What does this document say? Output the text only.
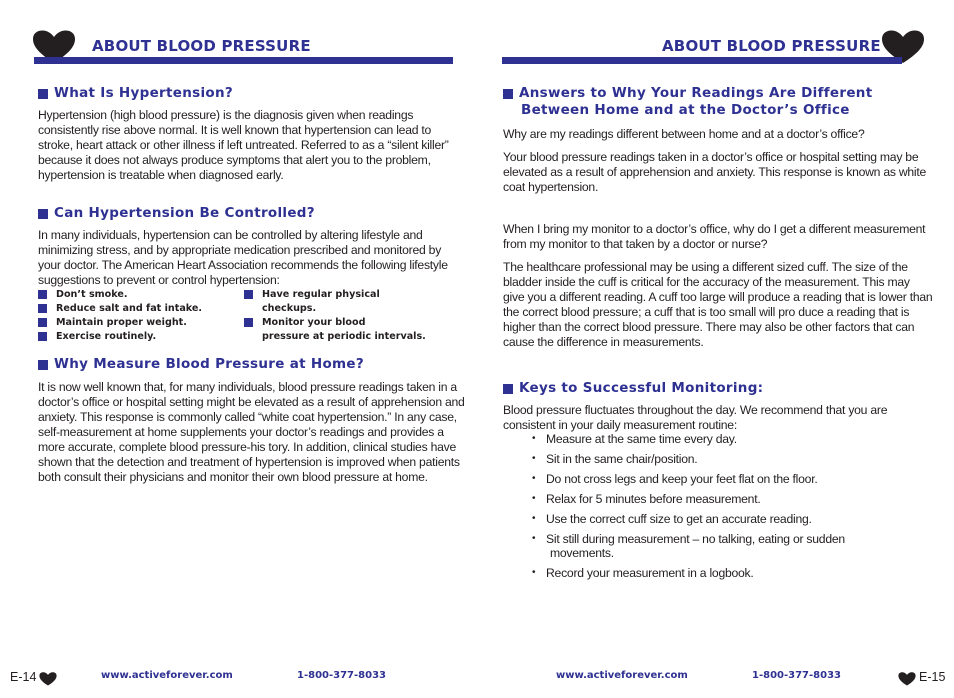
ABOUT BLOOD PRESSURE
What Is Hypertension?

Hypertension (high blood pressure) is the diagnosis given when readings consistently rise above normal. It is well known that hypertension can lead to stroke, heart attack or other illness if left untreated. Referred to as a “silent killer” because it does not always produce symptoms that alert you to the problem, hypertension is treatable when diagnosed early.

Can Hypertension Be Controlled?

In many individuals, hypertension can be controlled by altering lifestyle and minimizing stress, and by appropriate medication prescribed and monitored by your doctor. The American Heart Association recommends the following lifestyle suggestions to prevent or control hypertension:

Don’t smoke.
Reduce salt and fat intake.
Maintain proper weight.
Exercise routinely.
Have regular physical
checkups.
Monitor your blood
pressure at periodic intervals.
Why Measure Blood Pressure at Home?

It is now well known that, for many individuals, blood pressure readings taken in a doctor’s office or hospital setting might be elevated as a result of apprehension and anxiety. This response is commonly called “white coat hypertension.” In any case, self-measurement at home supplements your doctor’s readings and provides a more accurate, complete blood pressure-his tory. In addition, clinical studies have shown that the detection and treatment of hypertension is improved when patients both consult their physicians and monitor their own blood pressure at home.

E-14	www.activeforever.com	1-800-377-8033
ABOUT BLOOD PRESSURE
Answers to Why Your Readings Are Different
Between Home and at the Doctor’s Office

Why are my readings different between home and at a doctor’s office?

Your blood pressure readings taken in a doctor’s office or hospital setting may be elevated as a result of apprehension and anxiety. This response is known as white coat hypertension.

When I bring my monitor to a doctor’s office, why do I get a different measurement from my monitor to that taken by a doctor or nurse?

The healthcare professional may be using a different sized cuff. The size of the bladder inside the cuff is critical for the accuracy of the measurement. This may give you a different reading. A cuff too large will produce a reading that is lower than the correct blood pressure; a cuff that is too small will pro duce a reading that is higher than the correct blood pressure. There may also be other factors that can cause the difference in measurements.

Keys to Successful Monitoring:

Blood pressure fluctuates throughout the day. We recommend that you are consistent in your daily measurement routine:

• Measure at the same time every day.
• Sit in the same chair/position.
• Do not cross legs and keep your feet flat on the floor.
• Relax for 5 minutes before measurement.
• Use the correct cuff size to get an accurate reading.
• Sit still during measurement – no talking, eating or sudden
movements.
• Record your measurement in a logbook.
www.activeforever.com	1-800-377-8033	E-15
